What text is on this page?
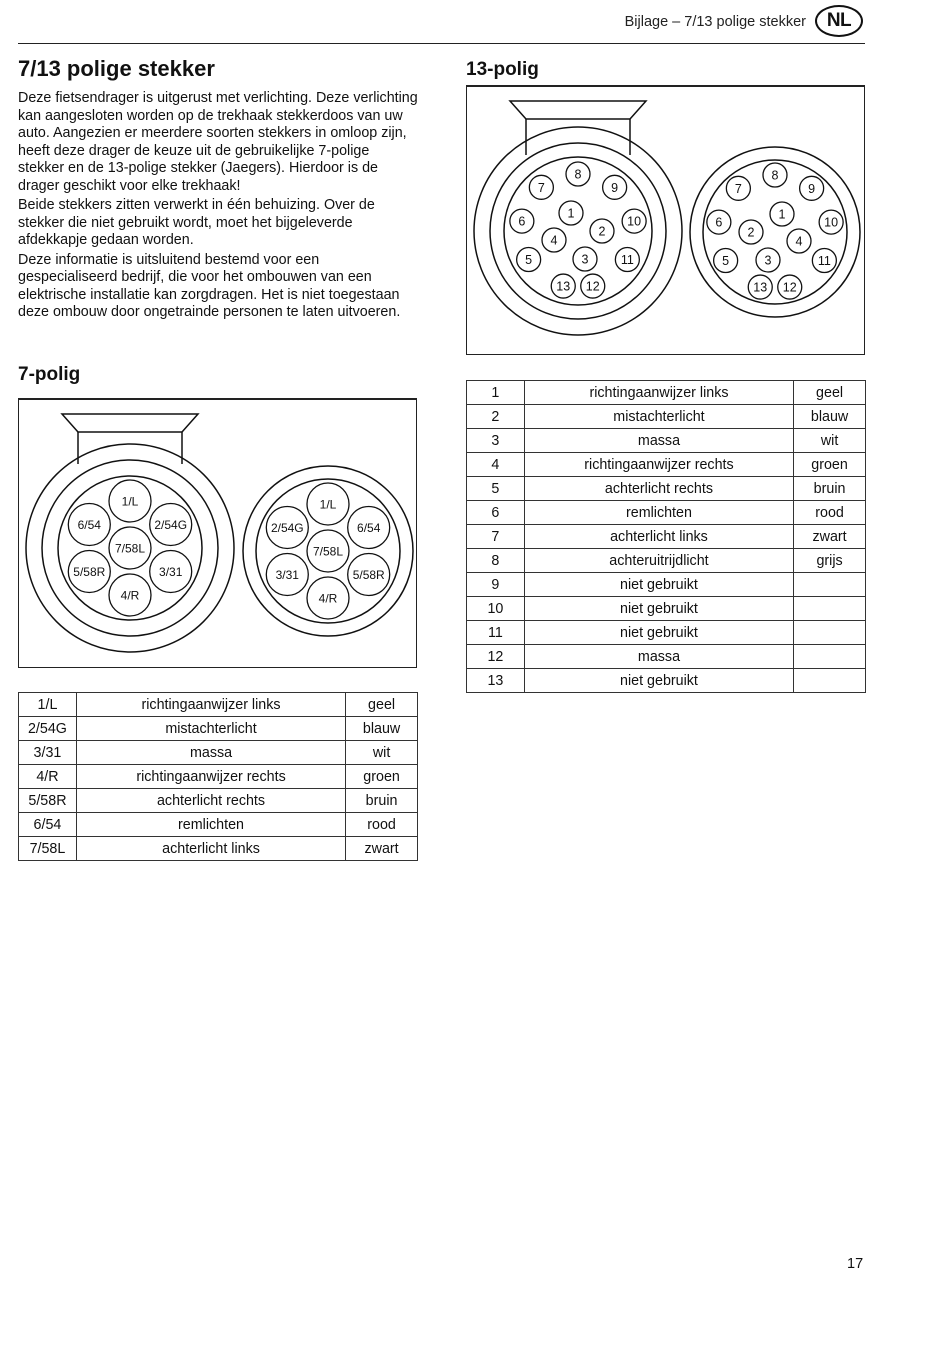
Bijlage – 7/13 polige stekker	NL
7/13 polige stekker

Deze fietsendrager is uitgerust met verlichting. Deze verlichting kan aangesloten worden op de trekhaak stekkerdoos van uw auto. Aangezien er meerdere soorten stekkers in omloop zijn, heeft deze drager de keuze uit de gebruikelijke 7-polige stekker en de 13-polige stekker (Jaegers). Hierdoor is de drager geschikt voor elke trekhaak!

Beide stekkers zitten verwerkt in één behuizing. Over de stekker die niet gebruikt wordt, moet het bijgeleverde afdekkapje gedaan worden.

Deze informatie is uitsluitend bestemd voor een gespecialiseerd bedrijf, die voor het ombouwen van een elektrische installatie kan zorgdragen. Het is niet toegestaan deze ombouw door ongetrainde personen te laten uitvoeren.

7-polig
7/58L
1/L
2/54G
3/31
4/R
5/58R
6/54
7/58L
1/L
6/54
5/58R
4/R
3/31
2/54G
1/L	richtingaanwijzer links	geel
2/54G	mistachterlicht	blauw
3/31	massa	wit
4/R	richtingaanwijzer rechts	groen
5/58R	achterlicht rechts	bruin
6/54	remlichten	rood
7/58L	achterlicht links	zwart
13-polig
8
9
10
11
12
13
5
6
7
1
2
3
4
8
7
6
5
13 12
11
10
9
1
4
3
2
1	richtingaanwijzer links	geel
2	mistachterlicht	blauw
3	massa	wit
4	richtingaanwijzer rechts	groen
5	achterlicht rechts	bruin
6	remlichten	rood
7	achterlicht links	zwart
8	achteruitrijdlicht	grijs
9	niet gebruikt	
10	niet gebruikt	
11	niet gebruikt	
12	massa	
13	niet gebruikt	
17
